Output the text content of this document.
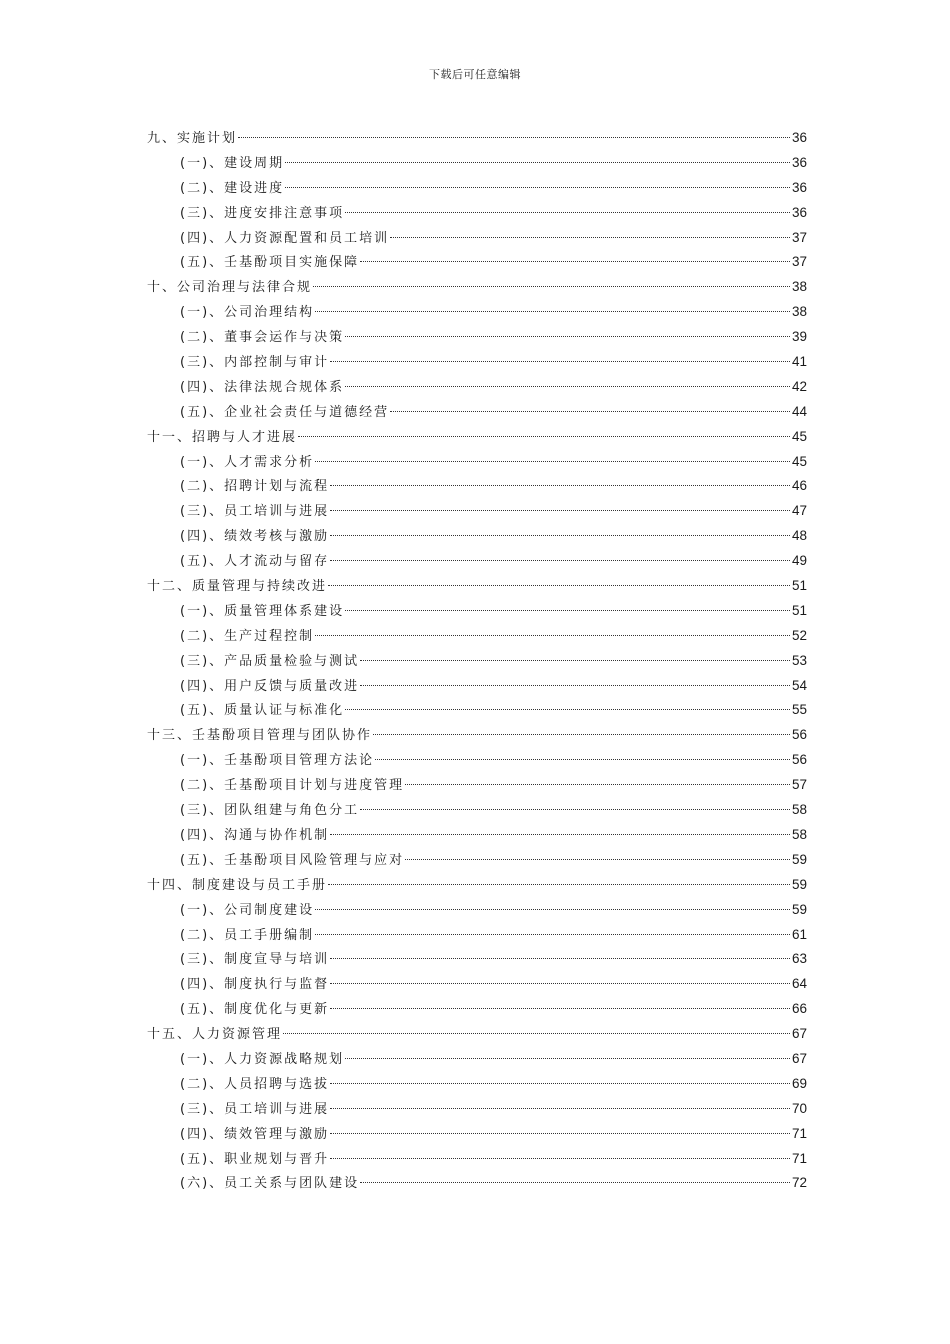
下载后可任意编辑
九、实施计划	36
(一)、建设周期	36
(二)、建设进度	36
(三)、进度安排注意事项	36
(四)、人力资源配置和员工培训	37
(五)、壬基酚项目实施保障	37
十、公司治理与法律合规	38
(一)、公司治理结构	38
(二)、董事会运作与决策	39
(三)、内部控制与审计	41
(四)、法律法规合规体系	42
(五)、企业社会责任与道德经营	44
十一、招聘与人才进展	45
(一)、人才需求分析	45
(二)、招聘计划与流程	46
(三)、员工培训与进展	47
(四)、绩效考核与激励	48
(五)、人才流动与留存	49
十二、质量管理与持续改进	51
(一)、质量管理体系建设	51
(二)、生产过程控制	52
(三)、产品质量检验与测试	53
(四)、用户反馈与质量改进	54
(五)、质量认证与标准化	55
十三、壬基酚项目管理与团队协作	56
(一)、壬基酚项目管理方法论	56
(二)、壬基酚项目计划与进度管理	57
(三)、团队组建与角色分工	58
(四)、沟通与协作机制	58
(五)、壬基酚项目风险管理与应对	59
十四、制度建设与员工手册	59
(一)、公司制度建设	59
(二)、员工手册编制	61
(三)、制度宣导与培训	63
(四)、制度执行与监督	64
(五)、制度优化与更新	66
十五、人力资源管理	67
(一)、人力资源战略规划	67
(二)、人员招聘与选拔	69
(三)、员工培训与进展	70
(四)、绩效管理与激励	71
(五)、职业规划与晋升	71
(六)、员工关系与团队建设	72
